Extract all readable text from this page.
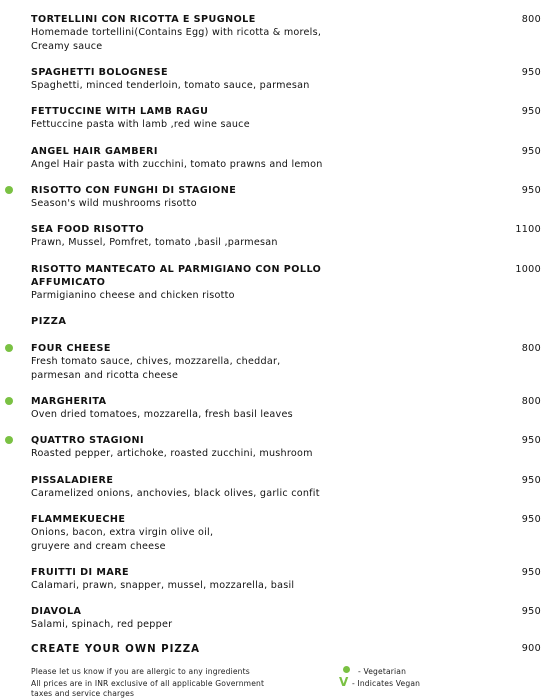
TORTELLINI CON RICOTTA E SPUGNOLE
Homemade tortellini(Contains Egg) with ricotta & morels,
Creamy sauce
800
SPAGHETTI BOLOGNESE
Spaghetti, minced tenderloin, tomato sauce, parmesan
950
FETTUCCINE WITH LAMB RAGU
Fettuccine pasta with lamb ,red wine sauce
950
ANGEL HAIR GAMBERI
Angel Hair pasta with zucchini, tomato prawns and lemon
950
RISOTTO CON FUNGHI DI STAGIONE
Season's wild mushrooms risotto
950
SEA FOOD RISOTTO
Prawn, Mussel, Pomfret, tomato ,basil ,parmesan
1100
RISOTTO MANTECATO AL PARMIGIANO CON POLLO
AFFUMICATO
Parmigianino cheese and chicken risotto
1000
PIZZA
FOUR CHEESE
Fresh tomato sauce, chives, mozzarella, cheddar,
parmesan and ricotta cheese
800
MARGHERITA
Oven dried tomatoes, mozzarella, fresh basil leaves
800
QUATTRO STAGIONI
Roasted pepper, artichoke, roasted zucchini, mushroom
950
PISSALADIERE
Caramelized onions, anchovies, black olives, garlic confit
950
FLAMMEKUECHE
Onions, bacon, extra virgin olive oil,
gruyere and cream cheese
950
FRUITTI DI MARE
Calamari, prawn, snapper, mussel, mozzarella, basil
950
DIAVOLA
Salami, spinach, red pepper
950
CREATE YOUR OWN PIZZA	900
Please let us know if you are allergic to any ingredients
All prices are in INR exclusive of all applicable Government
taxes and service charges
- Vegetarian
V - Indicates Vegan
